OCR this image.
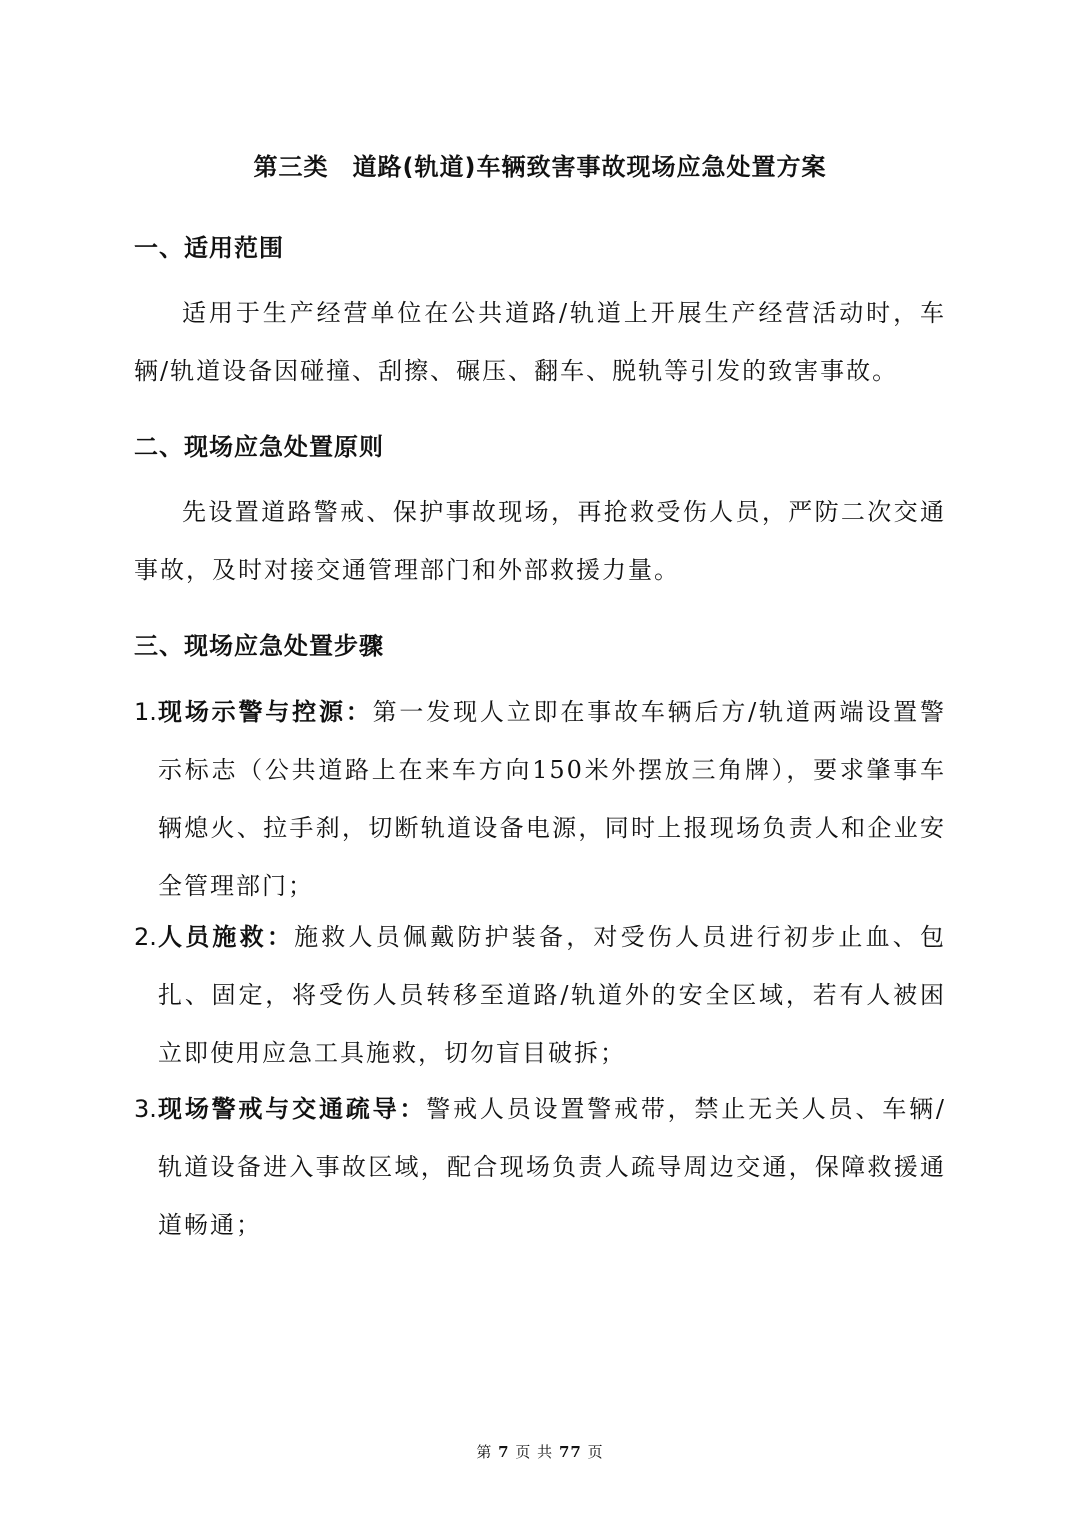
第三类 道路(轨道)车辆致害事故现场应急处置方案
一、适用范围
适用于生产经营单位在公共道路/轨道上开展生产经营活动时，车辆/轨道设备因碰撞、刮擦、碾压、翻车、脱轨等引发的致害事故。
二、现场应急处置原则
先设置道路警戒、保护事故现场，再抢救受伤人员，严防二次交通事故，及时对接交通管理部门和外部救援力量。
三、现场应急处置步骤
1. 现场示警与控源：第一发现人立即在事故车辆后方/轨道两端设置警示标志（公共道路上在来车方向150米外摆放三角牌），要求肇事车辆熄火、拉手刹，切断轨道设备电源，同时上报现场负责人和企业安全管理部门；
2. 人员施救：施救人员佩戴防护装备，对受伤人员进行初步止血、包扎、固定，将受伤人员转移至道路/轨道外的安全区域，若有人被困立即使用应急工具施救，切勿盲目破拆；
3. 现场警戒与交通疏导：警戒人员设置警戒带，禁止无关人员、车辆/轨道设备进入事故区域，配合现场负责人疏导周边交通，保障救援通道畅通；
第 7 页 共 77 页
